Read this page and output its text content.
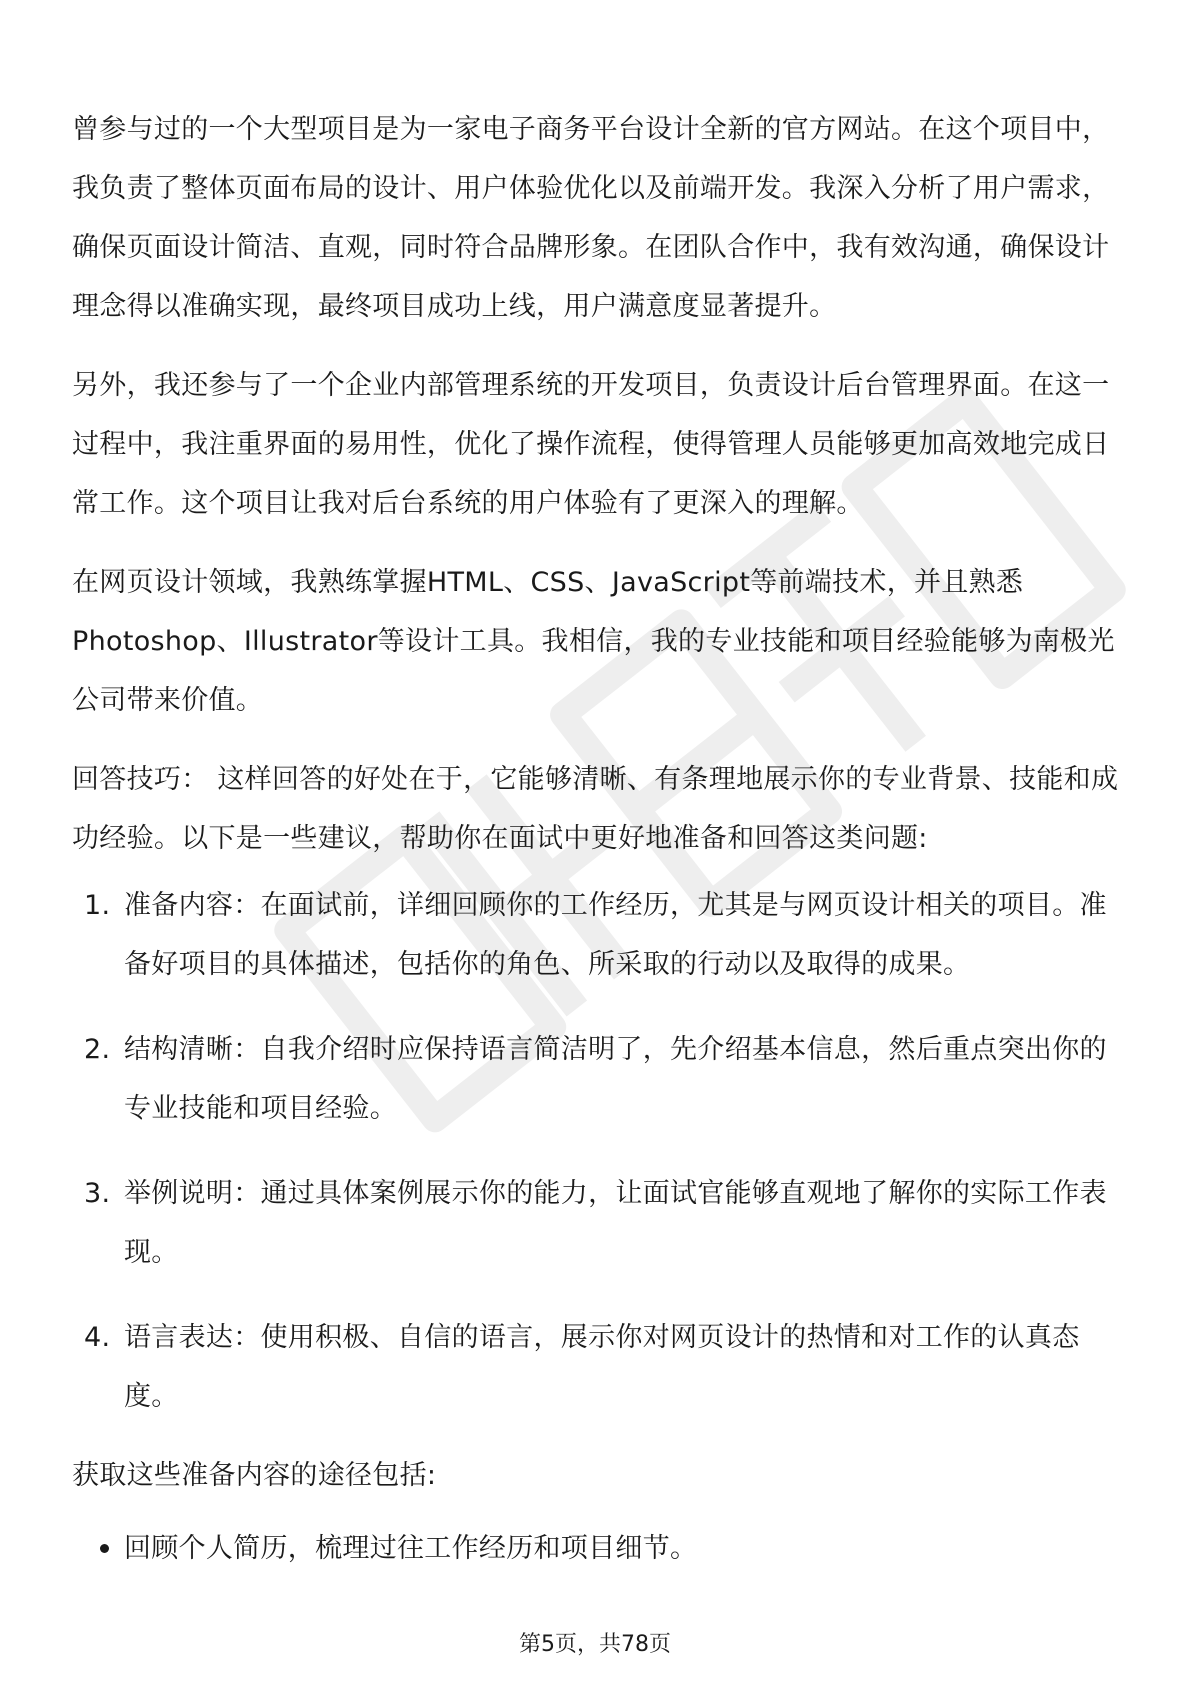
曾参与过的一个大型项目是为一家电子商务平台设计全新的官方网站。在这个项目中，我负责了整体页面布局的设计、用户体验优化以及前端开发。我深入分析了用户需求，确保页面设计简洁、直观，同时符合品牌形象。在团队合作中，我有效沟通，确保设计理念得以准确实现，最终项目成功上线，用户满意度显著提升。

另外，我还参与了一个企业内部管理系统的开发项目，负责设计后台管理界面。在这一过程中，我注重界面的易用性，优化了操作流程，使得管理人员能够更加高效地完成日常工作。这个项目让我对后台系统的用户体验有了更深入的理解。

在网页设计领域，我熟练掌握HTML、CSS、JavaScript等前端技术，并且熟悉Photoshop、Illustrator等设计工具。我相信，我的专业技能和项目经验能够为南极光公司带来价值。

回答技巧： 这样回答的好处在于，它能够清晰、有条理地展示你的专业背景、技能和成功经验。以下是一些建议，帮助你在面试中更好地准备和回答这类问题:

1. 准备内容：在面试前，详细回顾你的工作经历，尤其是与网页设计相关的项目。准备好项目的具体描述，包括你的角色、所采取的行动以及取得的成果。
2. 结构清晰：自我介绍时应保持语言简洁明了，先介绍基本信息，然后重点突出你的专业技能和项目经验。
3. 举例说明：通过具体案例展示你的能力，让面试官能够直观地了解你的实际工作表现。
4. 语言表达：使用积极、自信的语言，展示你对网页设计的热情和对工作的认真态度。

获取这些准备内容的途径包括:

回顾个人简历，梳理过往工作经历和项目细节。
第5页，共78页
